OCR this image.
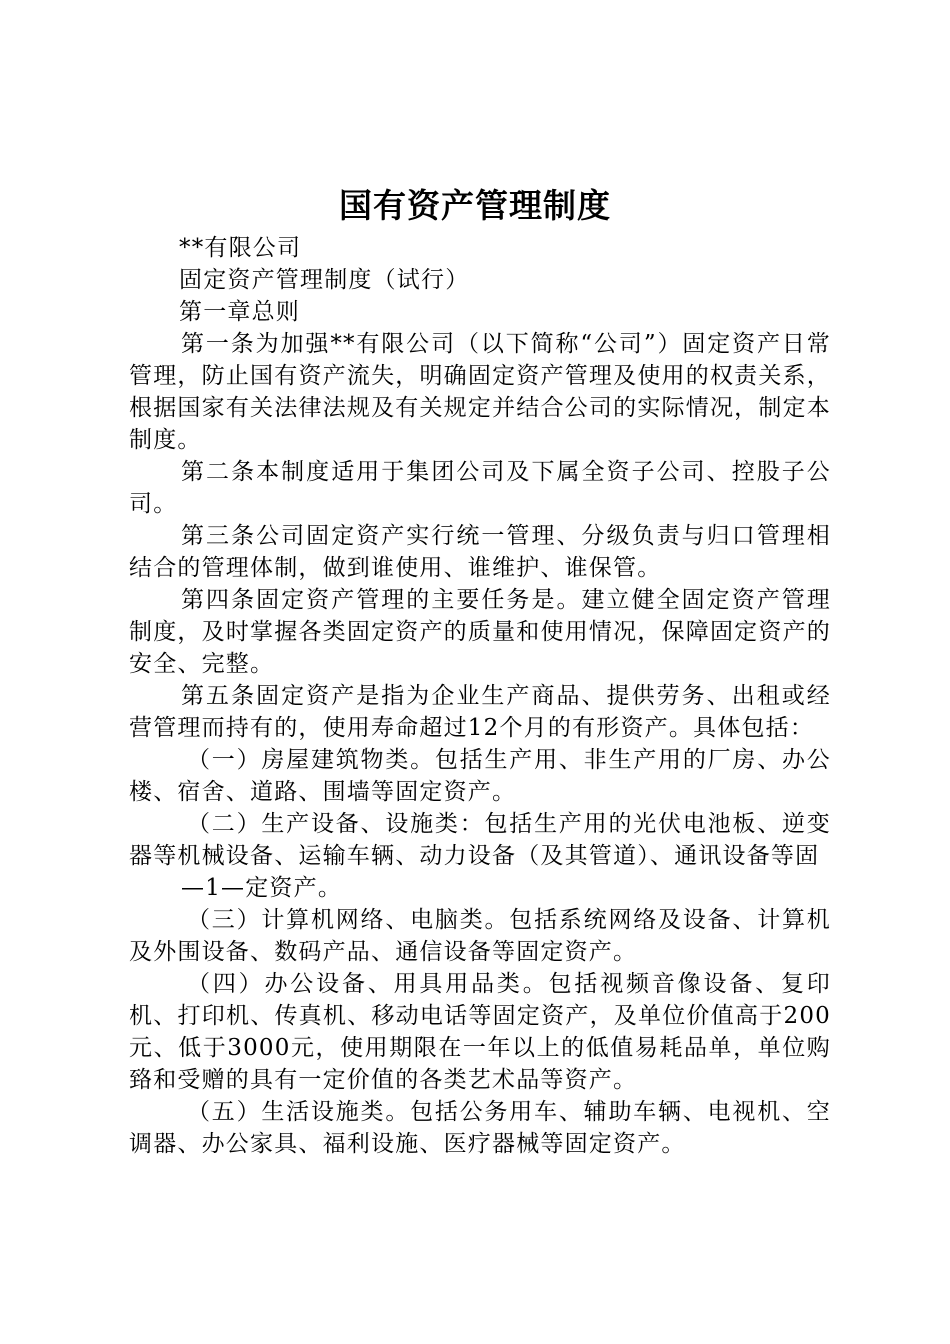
国有资产管理制度

**有限公司

固定资产管理制度（试行）

第一章总则

第一条为加强**有限公司（以下简称“公司”）固定资产日常管理，防止国有资产流失，明确固定资产管理及使用的权责关系，根据国家有关法律法规及有关规定并结合公司的实际情况，制定本制度。

第二条本制度适用于集团公司及下属全资子公司、控股子公司。

第三条公司固定资产实行统一管理、分级负责与归口管理相结合的管理体制，做到谁使用、谁维护、谁保管。

第四条固定资产管理的主要任务是。建立健全固定资产管理制度，及时掌握各类固定资产的质量和使用情况，保障固定资产的安全、完整。

第五条固定资产是指为企业生产商品、提供劳务、出租或经营管理而持有的，使用寿命超过12个月的有形资产。具体包括：

（一）房屋建筑物类。包括生产用、非生产用的厂房、办公楼、宿舍、道路、围墙等固定资产。

（二）生产设备、设施类：包括生产用的光伏电池板、逆变器等机械设备、运输车辆、动力设备（及其管道）、通讯设备等固

—1—定资产。

（三）计算机网络、电脑类。包括系统网络及设备、计算机及外围设备、数码产品、通信设备等固定资产。

（四）办公设备、用具用品类。包括视频音像设备、复印机、打印机、传真机、移动电话等固定资产，及单位价值高于200元、低于3000元，使用期限在一年以上的低值易耗品单，单位购臵和受赠的具有一定价值的各类艺术品等资产。

（五）生活设施类。包括公务用车、辅助车辆、电视机、空调器、办公家具、福利设施、医疗器械等固定资产。
